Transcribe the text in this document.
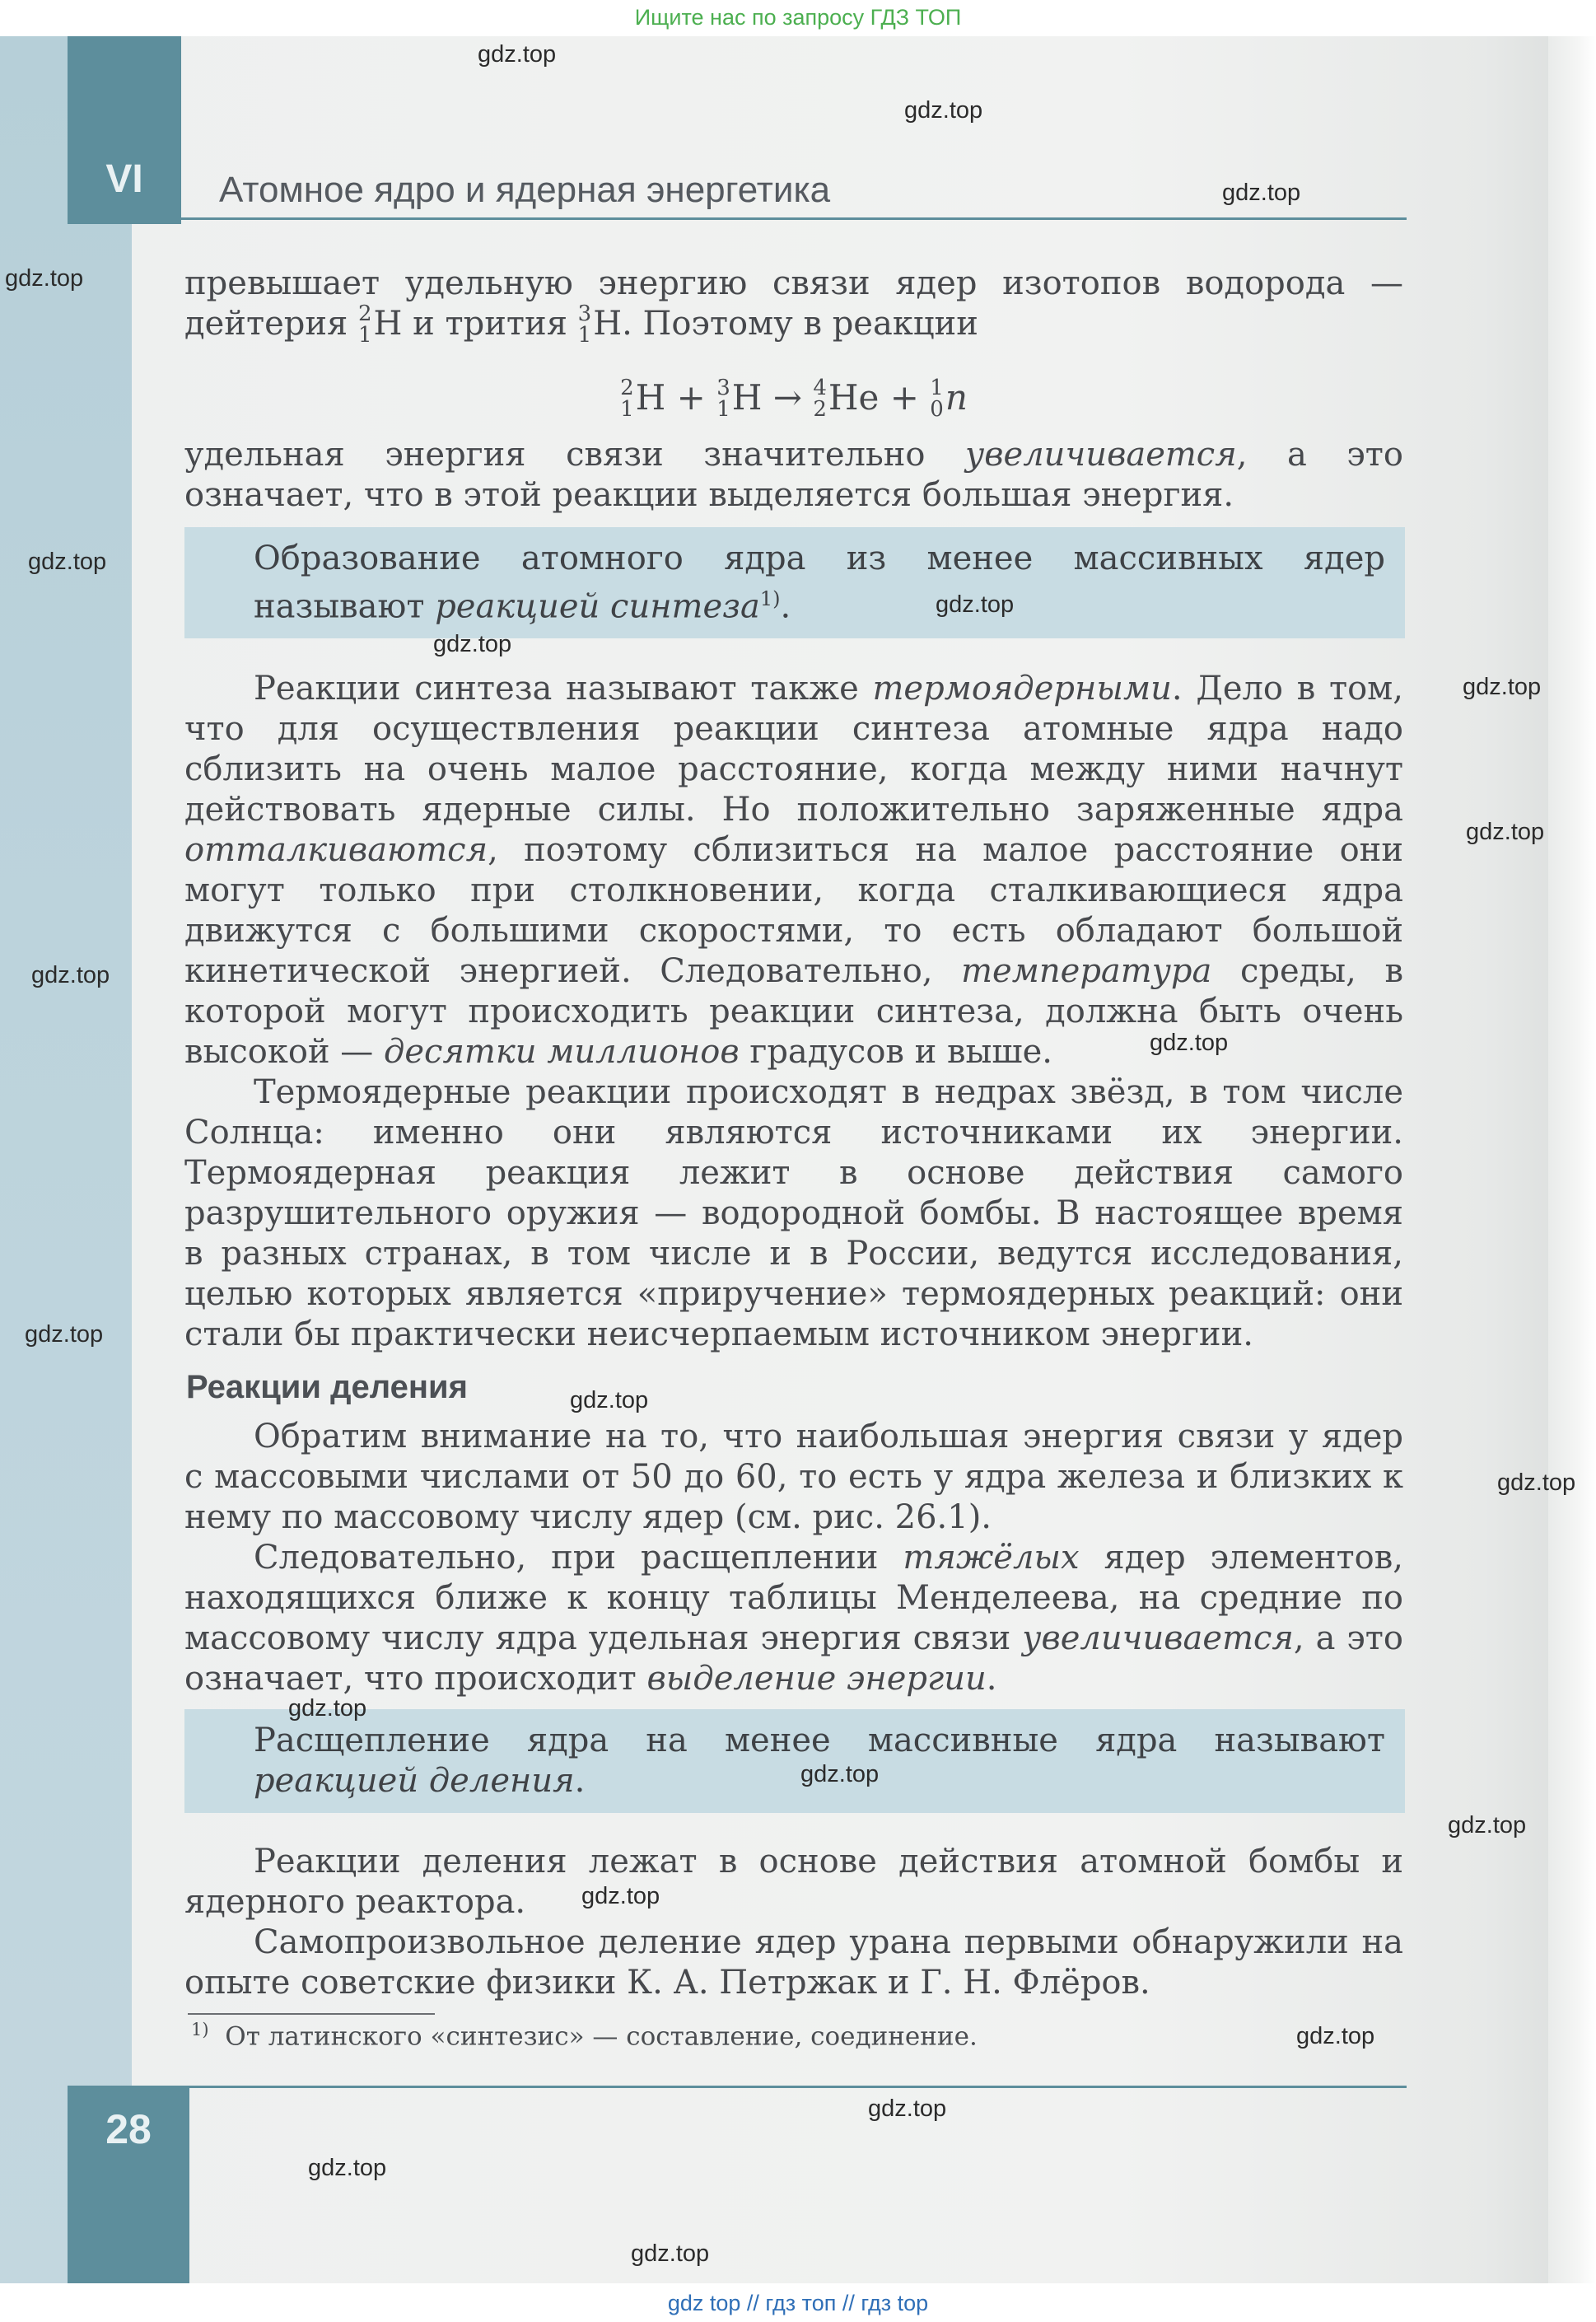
Ищите нас по запросу ГДЗ ТОП
VI	Атомное ядро и ядерная энергетика

превышает удельную энергию связи ядер изотопов водорода — дейтерия 2
1 H и трития 3
1 H. Поэтому в реакции

2
1 H + 3
1 H → 4
2 He + 1
0 n

удельная энергия связи значительно увеличивается, а это означает, что в этой реакции выделяется большая энергия.

Образование атомного ядра из менее массивных ядер называют реакцией синтеза$^{1)}$.

Реакции синтеза называют также термоядерными. Дело в том, что для осуществления реакции синтеза атомные ядра надо сблизить на очень малое расстояние, когда между ними начнут действовать ядерные силы. Но положительно заряженные ядра отталкиваются, поэтому сблизиться на малое расстояние они могут только при столкновении, когда сталкивающиеся ядра движутся с большими скоростями, то есть обладают большой кинетической энергией. Следовательно, температура среды, в которой могут происходить реакции синтеза, должна быть очень высокой — десятки миллионов градусов и выше.

Термоядерные реакции происходят в недрах звёзд, в том числе Солнца: именно они являются источниками их энергии. Термоядерная реакция лежит в основе действия самого разрушительного оружия — водородной бомбы. В настоящее время в разных странах, в том числе и в России, ведутся исследования, целью которых является «приручение» термоядерных реакций: они стали бы практически неисчерпаемым источником энергии.

Реакции деления

Обратим внимание на то, что наибольшая энергия связи у ядер с массовыми числами от 50 до 60, то есть у ядра железа и близких к нему по массовому числу ядер (см. рис. 26.1).

Следовательно, при расщеплении тяжёлых ядер элементов, находящихся ближе к концу таблицы Менделеева, на средние по массовому числу ядра удельная энергия связи увеличивается, а это означает, что происходит выделение энергии.

Расщепление ядра на менее массивные ядра называют реакцией деления.

Реакции деления лежат в основе действия атомной бомбы и ядерного реактора.

Самопроизвольное деление ядер урана первыми обнаружили на опыте советские физики К. А. Петржак и Г. Н. Флёров.

$^{1)}$ От латинского «синтезис» — составление, соединение.
28
gdz.top
gdz.top
gdz.top
gdz.top
gdz.top
gdz.top
gdz.top
gdz.top
gdz.top
gdz.top
gdz.top
gdz.top
gdz.top
gdz.top
gdz.top
gdz.top
gdz.top
gdz.top
gdz.top
gdz.top
gdz.top
gdz.top
gdz top // гдз топ // гдз top
